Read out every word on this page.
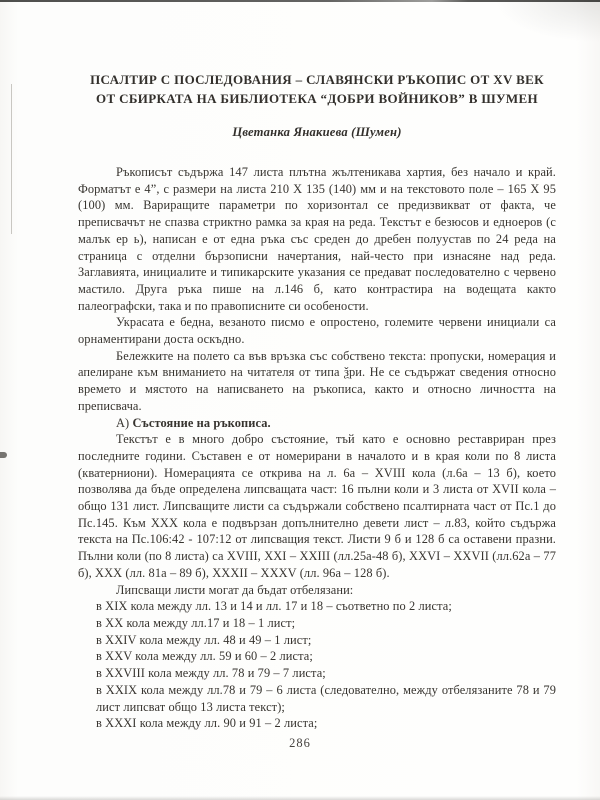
ПСАЛТИР С ПОСЛЕДОВАНИЯ – СЛАВЯНСКИ РЪКОПИС ОТ XV ВЕК ОТ СБИРКАТА НА БИБЛИОТЕКА “ДОБРИ ВОЙНИКОВ” В ШУМЕН
Цветанка Янакиева (Шумен)

Ръкописът съдържа 147 листа плътна жълтеникава хартия, без начало и край. Форматът е 4”, с размери на листа 210 X 135 (140) мм и на текстовото поле – 165 X 95 (100) мм. Вариращите параметри по хоризонтал се предизвикват от факта, че преписвачът не спазва стриктно рамка за края на реда. Текстът е безюсов и едноеров (с малък ер ь), написан е от една ръка със среден до дребен полуустав по 24 реда на страница с отделни бързописни начертания, най-често при изнасяне над реда. Заглавията, инициалите и типикарските указания се предават последователно с червено мастило. Друга ръка пише на л.146 б, като контрастира на водещата както палеографски, така и по правописните си особености.

Украсата е бедна, везаното писмо е опростено, големите червени инициали са орнаментирани доста оскъдно.

Бележките на полето са във връзка със собствено текста: пропуски, номерация и апелиране към вниманието на читателя от типа ѯри. Не се съдържат сведения относно времето и мястото на написването на ръкописа, както и относно личността на преписвача.

А) Състояние на ръкописа.

Текстът е в много добро състояние, тъй като е основно реставриран през последните години. Съставен е от номерирани в началото и в края коли по 8 листа (кватерниони). Номерацията се открива на л. 6а – XVIII кола (л.6а – 13 б), което позволява да бъде определена липсващата част: 16 пълни коли и 3 листа от XVII кола – общо 131 лист. Липсващите листи са съдържали собствено псалтирната част от Пс.1 до Пс.145. Към XXX кола е подвързан допълнително девети лист – л.83, който съдържа текста на Пс.106:42 - 107:12 от липсващия текст. Листи 9 б и 128 б са оставени празни. Пълни коли (по 8 листа) са XVIII, XXI – XXIII (лл.25а-48 б), XXVI – XXVII (лл.62а – 77 б), XXX (лл. 81а – 89 б), XXXII – XXXV (лл. 96а – 128 б).

Липсващи листи могат да бъдат отбелязани:

в XIX кола между лл. 13 и 14 и лл. 17 и 18 – съответно по 2 листа;
в XX кола между лл.17 и 18 – 1 лист;
в XXIV кола между лл. 48 и 49 – 1 лист;
в XXV кола между лл. 59 и 60 – 2 листа;
в XXVIII кола между лл. 78 и 79 – 7 листа;
в XXIX кола между лл.78 и 79 – 6 листа (следователно, между отбелязаните 78 и 79 лист липсват общо 13 листа текст);
в XXXI кола между лл. 90 и 91 – 2 листа;
286
